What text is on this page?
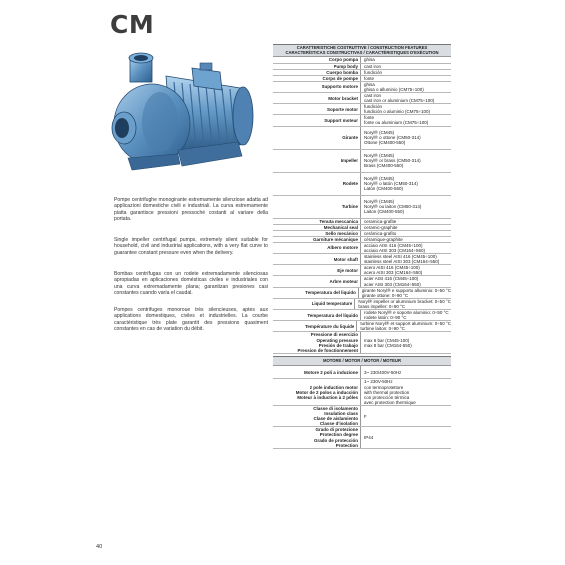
CM
Pompe centrifughe monogirante estremamente silenziose adatta ad applicazioni domestiche civili e industriali. La curva estremamente piatta garantisce pressioni pressoché costanti al variare della portata.
Single impeller centrifugal pumps, extremely silent suitable for household, civil and industrial applications, with a very flat curve to guarantee constant pressure even when the delivery.
Bombas centrífugas con un rodete extremadamente silenciosas apropiadas en aplicaciones domésticas civiles e industriales con una curva extremadamente plana; garantizan presiones casi constantes cuando varía el caudal.
Pompes centrifuges monoroue très silencieuses, aptes aux applications domestiques, civiles et industrielles. La courbe caractéristique très plate garantit des pressions quasiment constantes en cas de variation du débit.
40
CARATTERISTICHE COSTRUTTIVE / CONSTRUCTION FEATURES
CARACTERÍSTICAS CONSTRUCTIVAS / CARACTÉRISTIQUES D'EXÉCUTION
Corpo pompa ghisa
Pump body cast iron
Cuerpo bomba fundición
Corps de pompe fonte
Supporto motore
ghisa
ghisa o alluminio (CM75÷100)
Motor bracket
cast iron
cast iron or aluminium (CM75÷100)
Soporte motor
fundición
fundición o aluminio (CM75÷100)
Support moteur
fonte
fonte ou aluminium (CM75÷100)
Girante
Noryl® (CM45)
Noryl® o ottone (CM50-314)
Ottone (CM400-550)
Impeller
Noryl® (CM45)
Noryl® or brass (CM50-314)
Brass (CM400-550)
Rodete
Noryl® (CM45)
Noryl® o latón (CM50-314)
Latón (CM400-550)
Turbine
Noryl® (CM45)
Noryl® ou laiton (CM50-314)
Laiton (CM400-550)
Tenuta meccanica ceramica-grafite
Mechanical seal ceramic-graphite
Sello mecánico cerámica-grafito
Garniture mécanique céramique-graphite
Albero motore
acciaio AISI 416 (CM45÷100)
acciaio AISI 303 (CM164÷550)
Motor shaft
stainless steel AISI 416 (CM45÷100)
stainless steel AISI 303 (CM164÷550)
Eje motor
acero AISI 416 (CM45÷100)
acero AISI 303 (CM164÷550)
Arbre moteur
acier AISI 416 (CM45÷100)
acier AISI 303 (CM164÷550)
Temperatura del liquido
girante Noryl® e supporto alluminio: 0÷50 °C
girante ottone: 0÷90 °C
Liquid temperature
Noryl® impeller or aluminium bracket: 0÷50 °C
brass impeller: 0÷90 °C
Temperatura del líquido
rodete Noryl® e soporte aluminio: 0÷50 °C
rodete latón: 0÷90 °C
Température du liquide
turbine Noryl® et support aluminium: 0÷50 °C
turbine laiton: 0÷90 °C
Pressione di esercizio
Operating pressure
Presión de trabajo
Pression de fonctionnement
max 6 bar (CM45-100)
max 8 bar (CM164-550)
MOTORE / MOTOR / MOTOR / MOTEUR
Motore 2 poli a induzione 3~ 230/400V-50Hz
2 pole induction motor
Motor de 2 polos a inducción
Moteur à induction à 2 pôles
1~ 230V-50Hz
con termoprotettore
with thermal protection
con protección térmica
avec protection thermique
Classe di isolamento
Insulation class
Clase de aislamiento
Classe d'isolation
F
Grado di protezione
Protection degree
Grado de protección
Protection
IP44
